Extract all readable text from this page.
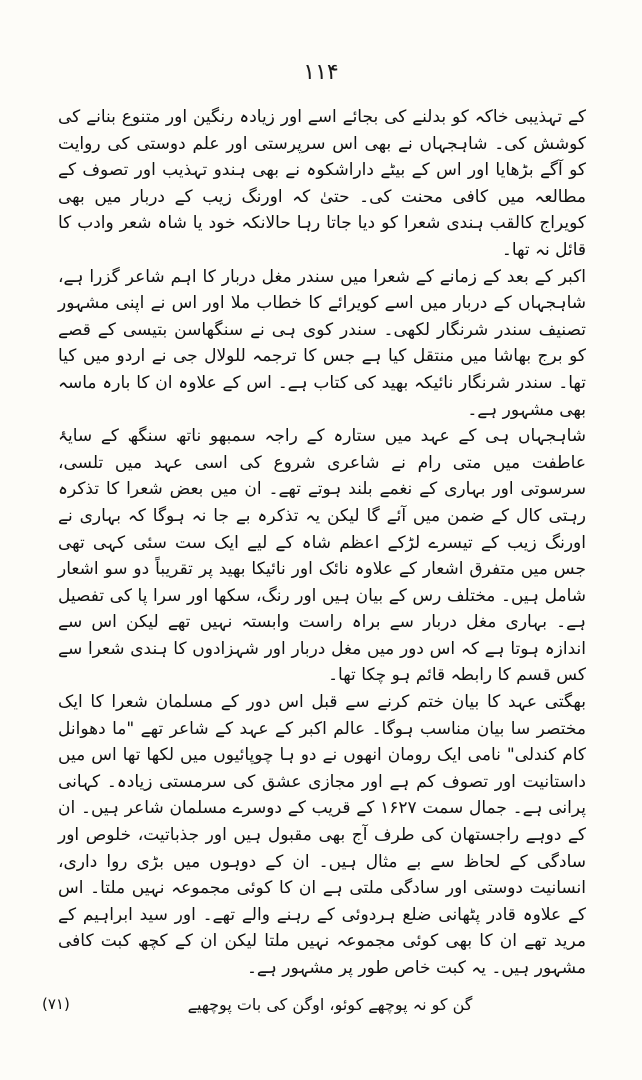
۱۱۴

کے تہذیبی خاکہ کو بدلنے کی بجائے اسے اور زیادہ رنگین اور متنوع بنانے کی کوشش کی۔ شاہجہاں نے بھی اس سرپرستی اور علم دوستی کی روایت کو آگے بڑھایا اور اس کے بیٹے داراشکوہ نے بھی ہندو تہذیب اور تصوف کے مطالعہ میں کافی محنت کی۔ حتیٰ کہ اورنگ زیب کے دربار میں بھی کویراج کالقب ہندی شعرا کو دیا جاتا رہا حالانکہ خود یا شاہ شعر وادب کا قائل نہ تھا۔

اکبر کے بعد کے زمانے کے شعرا میں سندر مغل دربار کا اہم شاعر گزرا ہے، شاہجہاں کے دربار میں اسے کویرائے کا خطاب ملا اور اس نے اپنی مشہور تصنیف سندر شرنگار لکھی۔ سندر کوی ہی نے سنگھاسن بتیسی کے قصے کو برج بھاشا میں منتقل کیا ہے جس کا ترجمہ للولال جی نے اردو میں کیا تھا۔ سندر شرنگار نائیکہ بھید کی کتاب ہے۔ اس کے علاوہ ان کا بارہ ماسہ بھی مشہور ہے۔

شاہجہاں ہی کے عہد میں ستارہ کے راجہ سمبھو ناتھ سنگھ کے سایۂ عاطفت میں متی رام نے شاعری شروع کی اسی عہد میں تلسی، سرسوتی اور بہاری کے نغمے بلند ہوتے تھے۔ ان میں بعض شعرا کا تذکرہ رہتی کال کے ضمن میں آئے گا لیکن یہ تذکرہ بے جا نہ ہوگا کہ بہاری نے اورنگ زیب کے تیسرے لڑکے اعظم شاہ کے لیے ایک ست سئی کہی تھی جس میں متفرق اشعار کے علاوہ نائک اور نائیکا بھید پر تقریباً دو سو اشعار شامل ہیں۔ مختلف رس کے بیان ہیں اور رنگ، سکھا اور سرا پا کی تفصیل ہے۔ بہاری مغل دربار سے براہ راست وابستہ نہیں تھے لیکن اس سے اندازہ ہوتا ہے کہ اس دور میں مغل دربار اور شہزادوں کا ہندی شعرا سے کس قسم کا رابطہ قائم ہو چکا تھا۔

بھگتی عہد کا بیان ختم کرنے سے قبل اس دور کے مسلمان شعرا کا ایک مختصر سا بیان مناسب ہوگا۔ عالم اکبر کے عہد کے شاعر تھے "ما دھوانل کام کندلی" نامی ایک رومان انھوں نے دو ہا چوپائیوں میں لکھا تھا اس میں داستانیت اور تصوف کم ہے اور مجازی عشق کی سرمستی زیادہ۔ کہانی پرانی ہے۔ جمال سمت ۱۶۲۷ کے قریب کے دوسرے مسلمان شاعر ہیں۔ ان کے دوہے راجستھان کی طرف آج بھی مقبول ہیں اور جذباتیت، خلوص اور سادگی کے لحاظ سے بے مثال ہیں۔ ان کے دوہوں میں بڑی روا داری، انسانیت دوستی اور سادگی ملتی ہے ان کا کوئی مجموعہ نہیں ملتا۔ اس کے علاوہ قادر پٹھانی ضلع ہردوئی کے رہنے والے تھے۔ اور سید ابراہیم کے مرید تھے ان کا بھی کوئی مجموعہ نہیں ملتا لیکن ان کے کچھ کبت کافی مشہور ہیں۔ یہ کبت خاص طور پر مشہور ہے۔

گن کو نہ پوچھے کوئو، اوگن کی بات پوچھیے
(۷۱)
